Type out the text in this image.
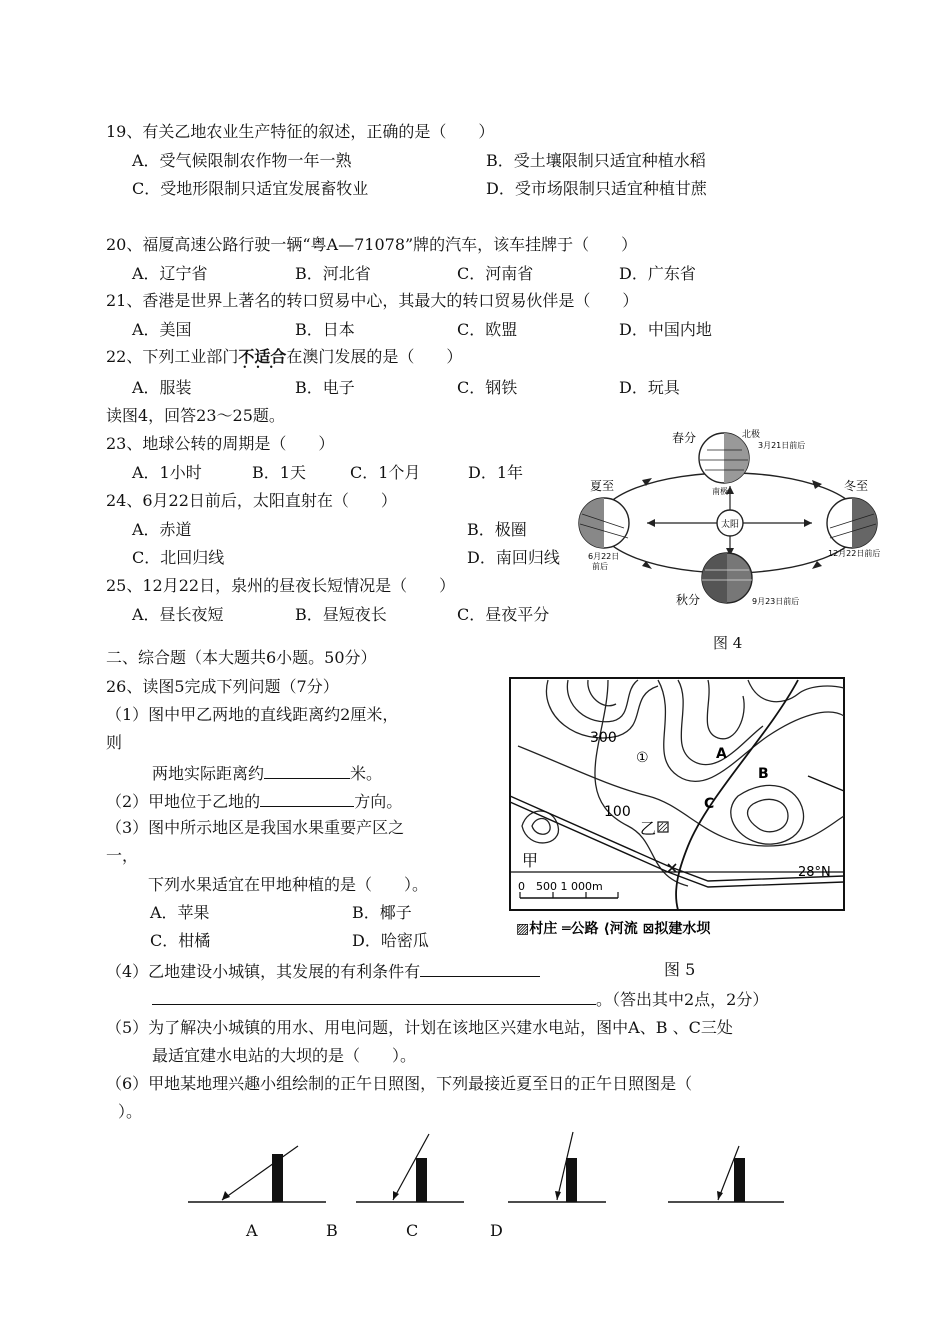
19、有关乙地农业生产特征的叙述，正确的是（　　）
A．受气候限制农作物一年一熟	B．受土壤限制只适宜种植水稻
C．受地形限制只适宜发展畜牧业	D．受市场限制只适宜种植甘蔗
20、福厦高速公路行驶一辆“粤A—71078”牌的汽车，该车挂牌于（　　）
A．辽宁省	B．河北省	C．河南省	D．广东省
21、香港是世界上著名的转口贸易中心，其最大的转口贸易伙伴是（　　）
A．美国	B．日本	C．欧盟	D．中国内地
22、下列工业部门不适合 • • •在澳门发展的是（　　）
A．服装	B．电子	C．钢铁	D．玩具
读图4，回答23～25题。
23、地球公转的周期是（　　）
A．1小时	B．1天	C．1个月	D．1年
24、6月22日前后，太阳直射在（　　）
A．赤道	B．极圈
C．北回归线	D．南回归线
25、12月22日，泉州的昼夜长短情况是（　　）
A．昼长夜短	B．昼短夜长	C．昼夜平分
太阳
春分	北极
3月21日前后
南极
夏至
6月22日
前后
冬至
12月22日前后
秋分	9月23日前后
图 4
二、综合题（本大题共6小题。50分）
26、读图5完成下列问题（7分）
（1）图中甲乙两地的直线距离约2厘米，
则
两地实际距离约	米。
（2）甲地位于乙地的	方向。
（3）图中所示地区是我国水果重要产区之
一，
下列水果适宜在甲地种植的是（　　）。
A．苹果	B．椰子
C．柑橘	D．哈密瓜
300
100
①	A
B
C
乙
甲
28°N
0　500 1 000m
▨村庄 ═公路 ⟨河流 ⊠拟建水坝
（4）乙地建设小城镇，其发展的有利条件有	图 5
。（答出其中2点，2分）
（5）为了解决小城镇的用水、用电问题，计划在该地区兴建水电站，图中A、B 、C三处
最适宜建水电站的大坝的是（　　）。
（6）甲地某地理兴趣小组绘制的正午日照图，下列最接近夏至日的正午日照图是（
）。
A	B	C	D
